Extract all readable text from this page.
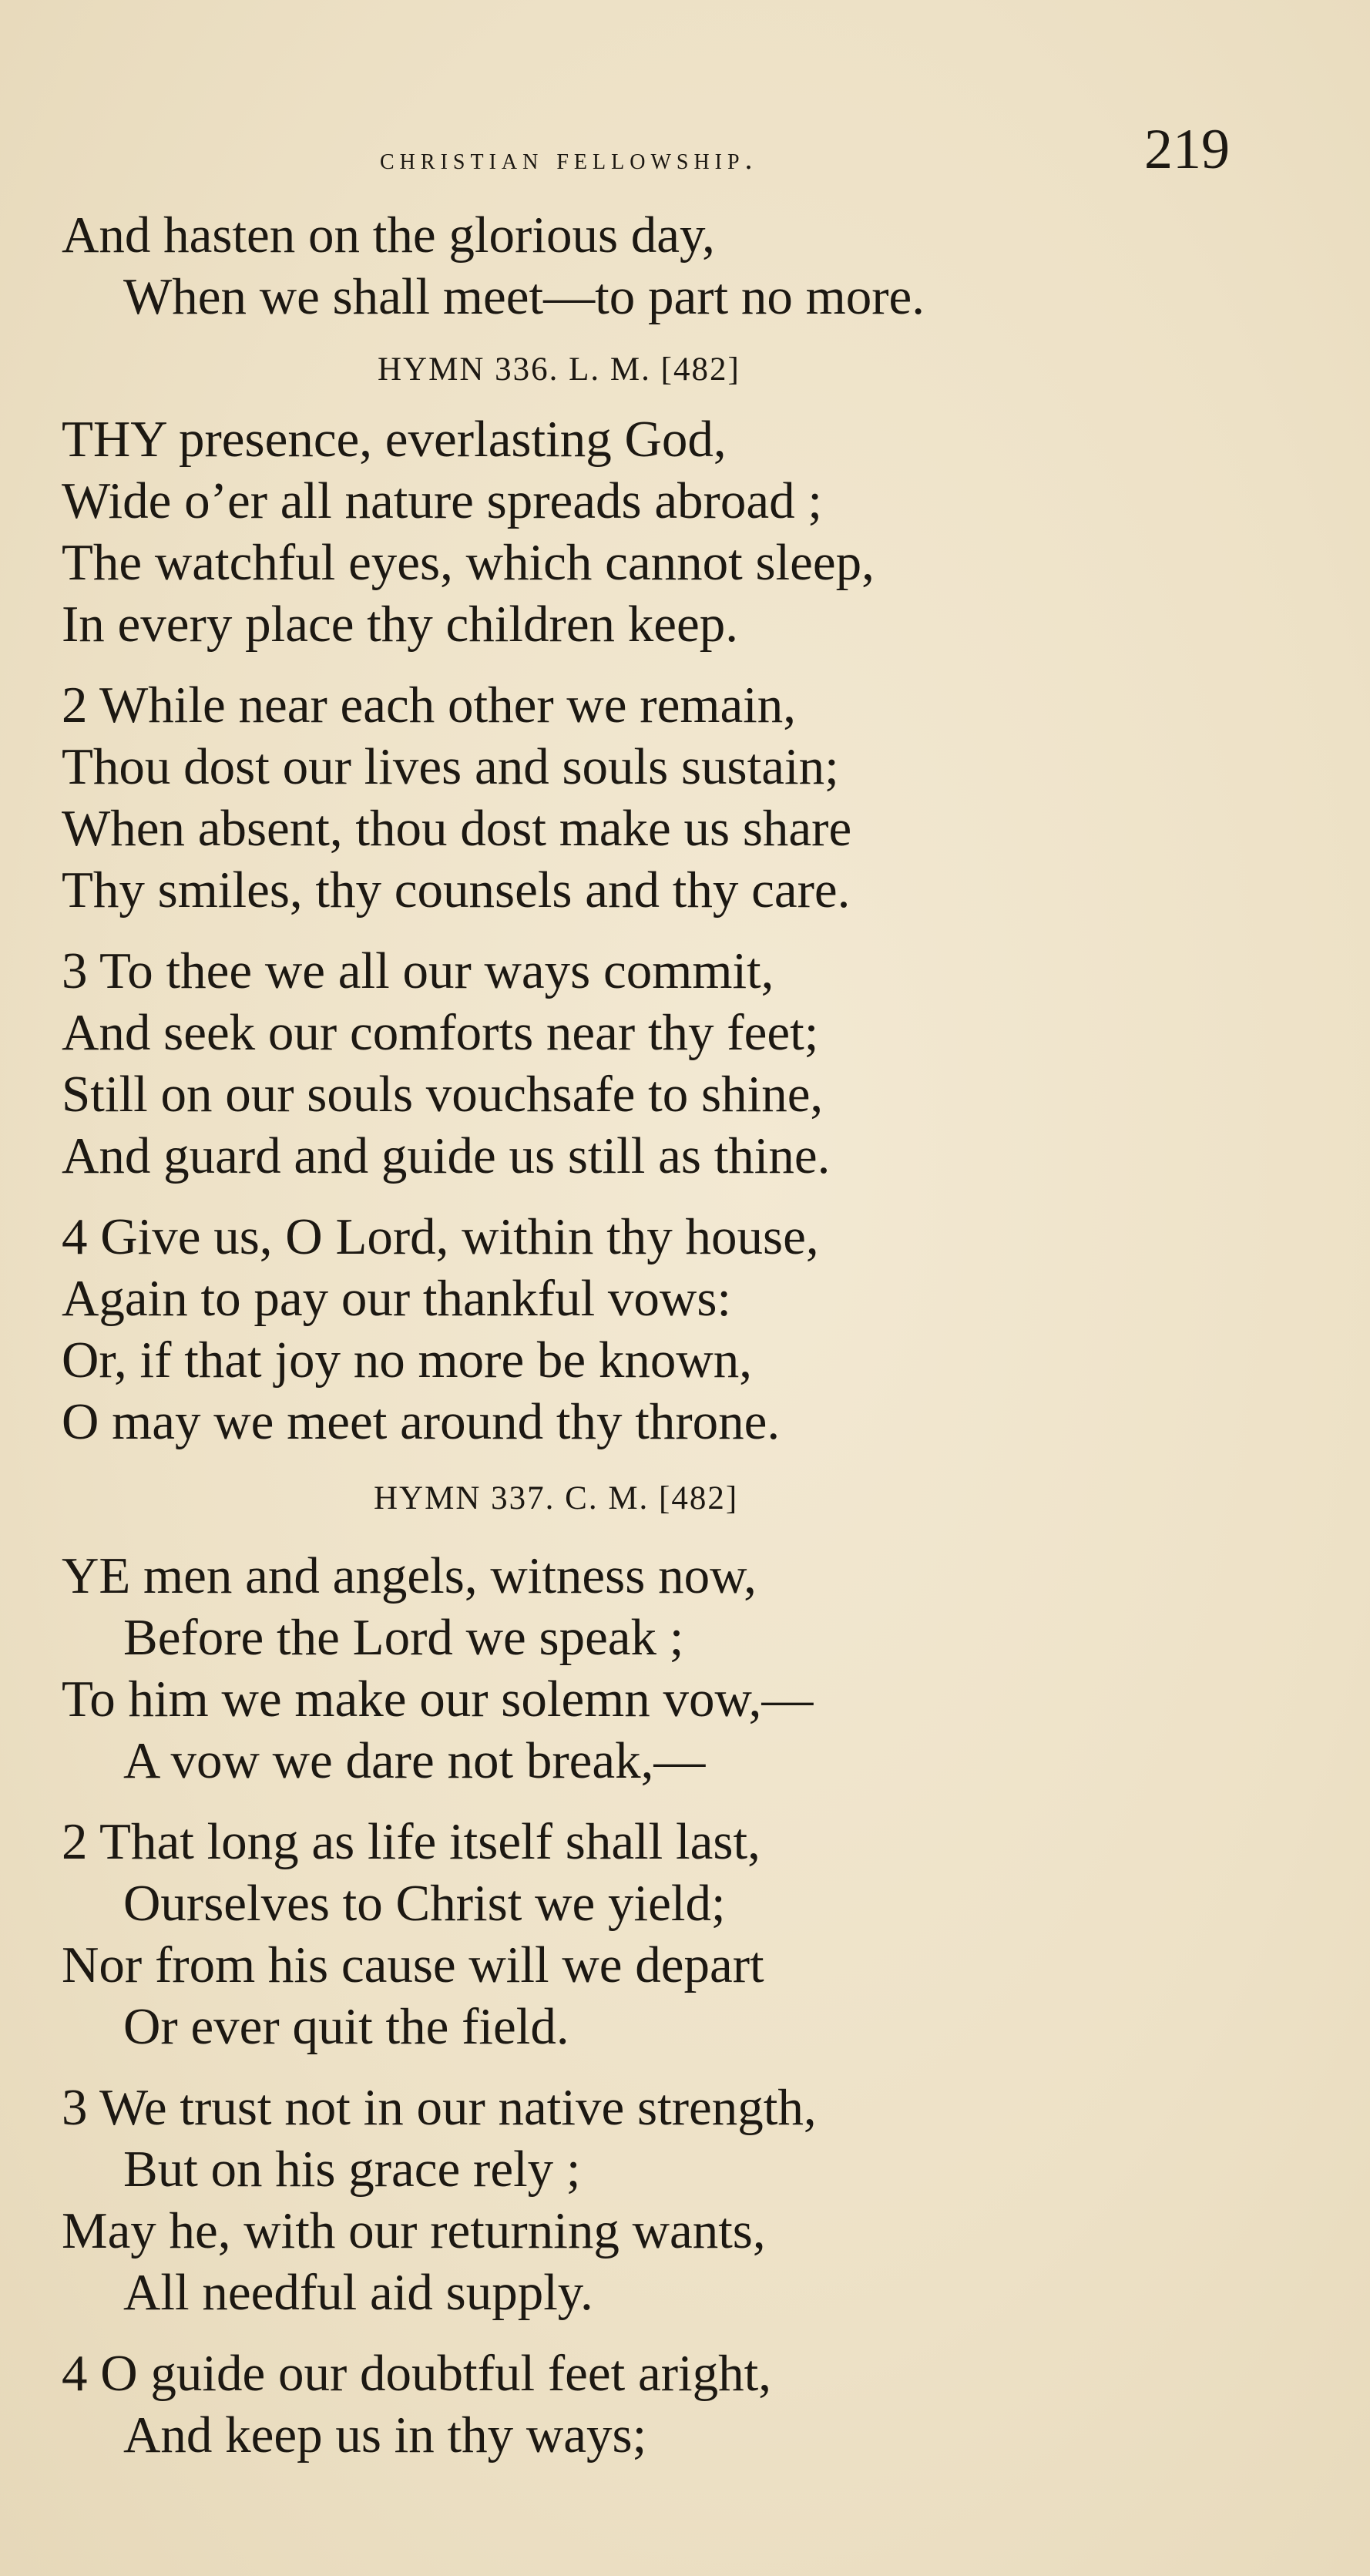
christian fellowship.	219
And hasten on the glorious day,
When we shall meet—to part no more.
HYMN 336. L. M. [482]
THY presence, everlasting God,
Wide o’er all nature spreads abroad ;
The watchful eyes, which cannot sleep,
In every place thy children keep.
2 While near each other we remain,
Thou dost our lives and souls sustain;
When absent, thou dost make us share
Thy smiles, thy counsels and thy care.
3 To thee we all our ways commit,
And seek our comforts near thy feet;
Still on our souls vouchsafe to shine,
And guard and guide us still as thine.
4 Give us, O Lord, within thy house,
Again to pay our thankful vows:
Or, if that joy no more be known,
O may we meet around thy throne.
HYMN 337. C. M. [482]
YE men and angels, witness now,
Before the Lord we speak ;
To him we make our solemn vow,—
A vow we dare not break,—
2 That long as life itself shall last,
Ourselves to Christ we yield;
Nor from his cause will we depart
Or ever quit the field.
3 We trust not in our native strength,
But on his grace rely ;
May he, with our returning wants,
All needful aid supply.
4 O guide our doubtful feet aright,
And keep us in thy ways;
